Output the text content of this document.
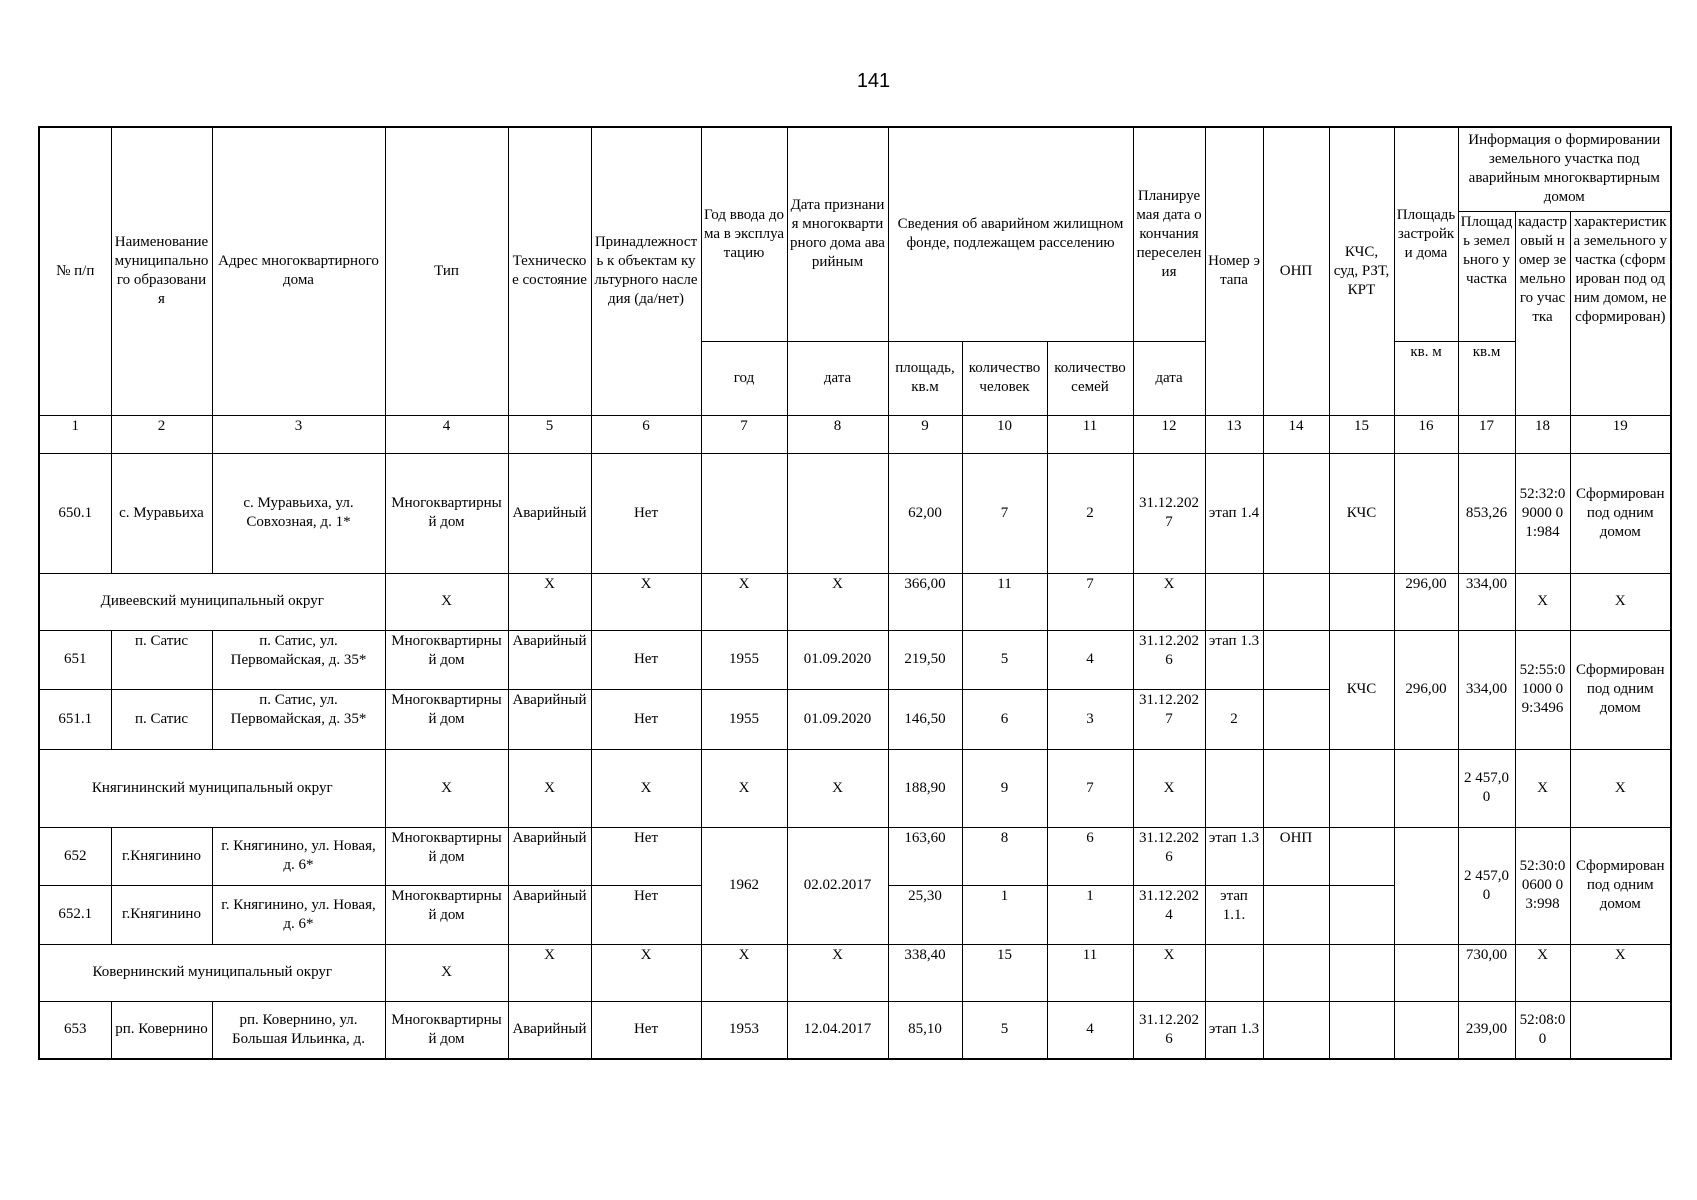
141
№ п/п	Наименование муниципального образования	Адрес многоквартирного дома	Тип	Техническое состояние	Принадлежность к объектам культурного наследия (да/нет)	Год ввода дома в эксплуатацию	Дата признания многоквартирного дома аварийным	Сведения об аварийном жилищном фонде, подлежащем расселению			Планируемая дата окончания переселения	Номер этапа	ОНП	КЧС, суд, РЗТ, КРТ	Площадь застройки дома	Информация о формировании земельного участка под аварийным многоквартирным домом		
																Площадь земельного участка	кадастровый номер земельного участка	характеристика земельного участка (сформирован под одним домом, не сформирован)
						год	дата	площадь, кв.м	количество человек	количество семей	дата				кв. м	кв.м		
1	2	3	4	5	6	7	8	9	10	11	12	13	14	15	16	17	18	19
650.1	с. Муравьиха	с. Муравьиха, ул. Совхозная, д. 1*	Многоквартирный дом	Аварийный	Нет			62,00	7	2	31.12.2027	этап 1.4		КЧС		853,26	52:32:09000 01:984	Сформирован под одним домом
Дивеевский муниципальный округ			X	X	X	X	X	366,00	11	7	X				296,00	334,00	X	X
651	п. Сатис	п. Сатис, ул. Первомайская, д. 35*	Многоквартирный дом	Аварийный	Нет	1955	01.09.2020	219,50	5	4	31.12.2026	этап 1.3		КЧС	296,00	334,00	52:55:01000 09:3496	Сформирован под одним домом
651.1	п. Сатис	п. Сатис, ул. Первомайская, д. 35*	Многоквартирный дом	Аварийный	Нет	1955	01.09.2020	146,50	6	3	31.12.2027	2						
Княгининский муниципальный округ			X	X	X	X	X	188,90	9	7	X					2 457,00	X	X
652	г.Княгинино	г. Княгинино, ул. Новая, д. 6*	Многоквартирный дом	Аварийный	Нет	1962	02.02.2017	163,60	8	6	31.12.2026	этап 1.3	ОНП			2 457,00	52:30:00600 03:998	Сформирован под одним домом
652.1	г.Княгинино	г. Княгинино, ул. Новая, д. 6*	Многоквартирный дом	Аварийный	Нет			25,30	1	1	31.12.2024	этап 1.1.						
Ковернинский муниципальный округ			X	X	X	X	X	338,40	15	11	X					730,00	X	X
653	рп. Ковернино	рп. Ковернино, ул. Большая Ильинка, д.	Многоквартирный дом	Аварийный	Нет	1953	12.04.2017	85,10	5	4	31.12.2026	этап 1.3				239,00	52:08:00	
